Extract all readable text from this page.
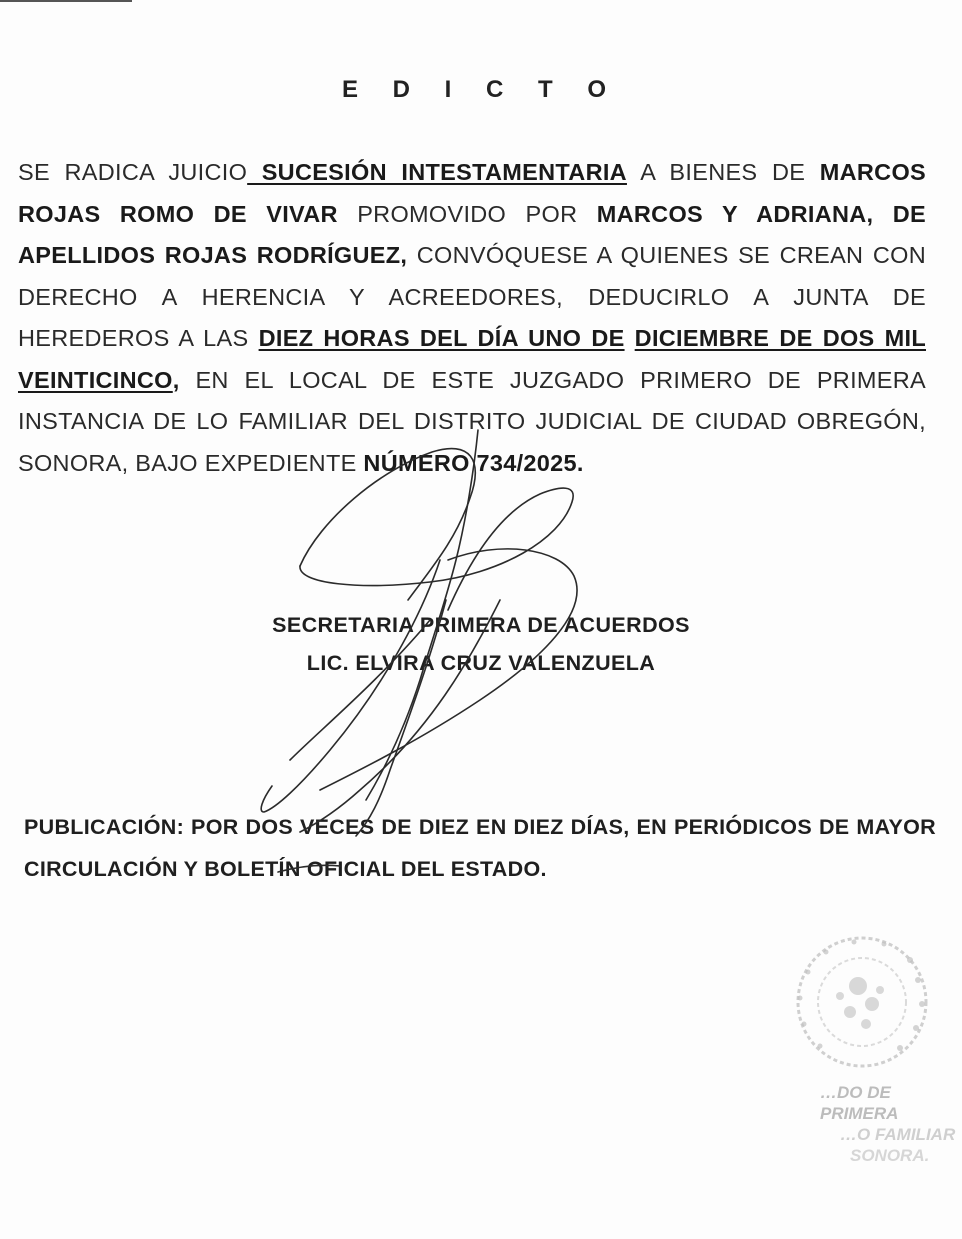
E D I C T O
SE RADICA JUICIO SUCESIÓN INTESTAMENTARIA A BIENES DE MARCOS ROJAS ROMO DE VIVAR PROMOVIDO POR MARCOS Y ADRIANA, DE APELLIDOS ROJAS RODRÍGUEZ, CONVÓQUESE A QUIENES SE CREAN CON DERECHO A HERENCIA Y ACREEDORES, DEDUCIRLO A JUNTA DE HEREDEROS A LAS DIEZ HORAS DEL DÍA UNO DE DICIEMBRE DE DOS MIL VEINTICINCO, EN EL LOCAL DE ESTE JUZGADO PRIMERO DE PRIMERA INSTANCIA DE LO FAMILIAR DEL DISTRITO JUDICIAL DE CIUDAD OBREGÓN, SONORA, BAJO EXPEDIENTE NÚMERO 734/2025.
SECRETARIA PRIMERA DE ACUERDOS
LIC. ELVIRA CRUZ VALENZUELA
PUBLICACIÓN: POR DOS VECES DE DIEZ EN DIEZ DÍAS, EN PERIÓDICOS DE MAYOR CIRCULACIÓN Y BOLETÍN OFICIAL DEL ESTADO.
…DO DE PRIMERA
…O FAMILIAR
SONORA.
